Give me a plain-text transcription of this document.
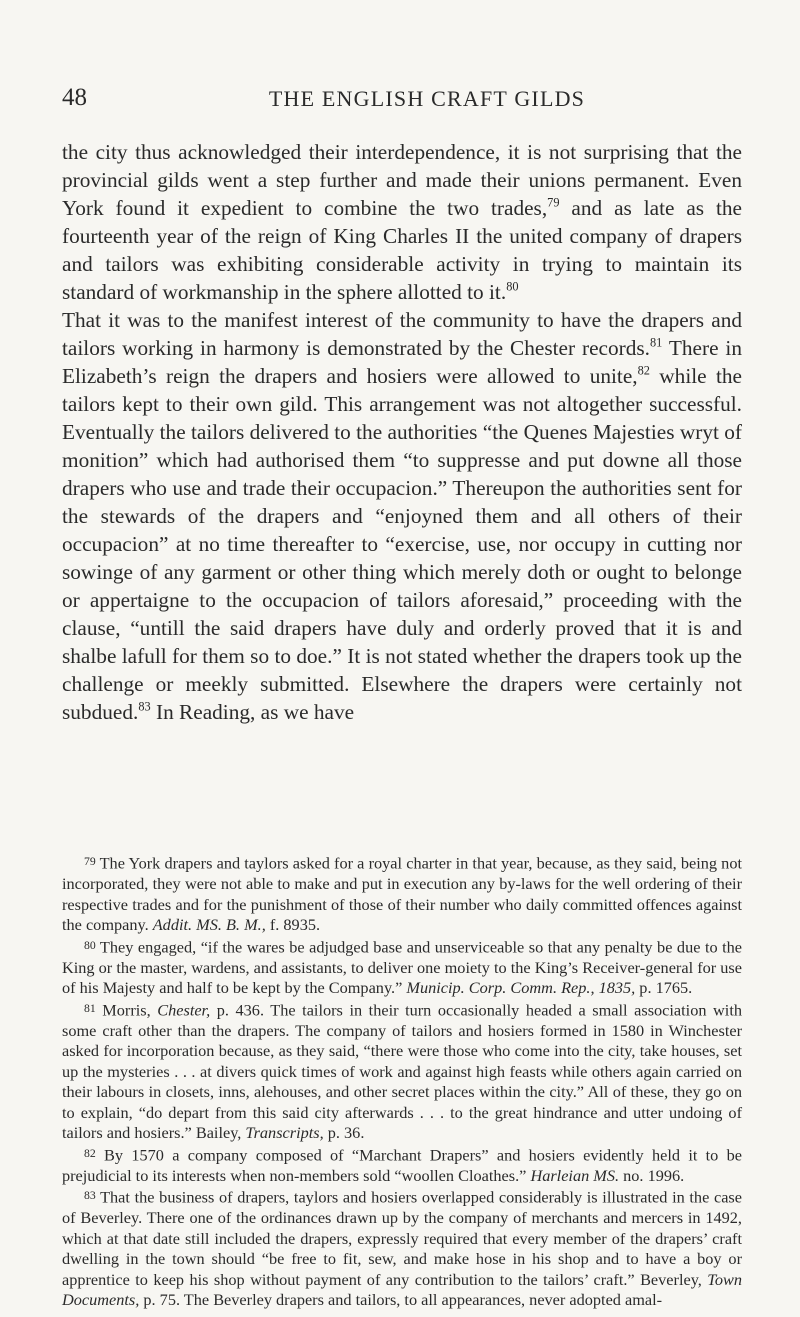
48	THE ENGLISH CRAFT GILDS

the city thus acknowledged their interdependence, it is not surprising that the provincial gilds went a step further and made their unions permanent. Even York found it expedient to combine the two trades,$^{79}$ and as late as the fourteenth year of the reign of King Charles II the united company of drapers and tailors was exhibiting considerable activity in trying to maintain its standard of workmanship in the sphere allotted to it.$^{80}$

That it was to the manifest interest of the community to have the drapers and tailors working in harmony is demonstrated by the Chester records.$^{81}$ There in Elizabeth’s reign the drapers and hosiers were allowed to unite,$^{82}$ while the tailors kept to their own gild. This arrangement was not altogether successful. Eventually the tailors delivered to the authorities “the Quenes Majesties wryt of monition” which had authorised them “to suppresse and put downe all those drapers who use and trade their occupacion.” Thereupon the authorities sent for the stewards of the drapers and “enjoyned them and all others of their occupacion” at no time thereafter to “exercise, use, nor occupy in cutting nor sowinge of any garment or other thing which merely doth or ought to belonge or appertaigne to the occupacion of tailors aforesaid,” proceeding with the clause, “untill the said drapers have duly and orderly proved that it is and shalbe lafull for them so to doe.” It is not stated whether the drapers took up the challenge or meekly submitted. Elsewhere the drapers were certainly not subdued.$^{83}$ In Reading, as we have

$^{79}$ The York drapers and taylors asked for a royal charter in that year, because, as they said, being not incorporated, they were not able to make and put in execution any by-laws for the well ordering of their respective trades and for the punishment of those of their number who daily committed offences against the company. Addit. MS. B. M., f. 8935.

$^{80}$ They engaged, “if the wares be adjudged base and unserviceable so that any penalty be due to the King or the master, wardens, and assistants, to deliver one moiety to the King’s Receiver-general for use of his Majesty and half to be kept by the Company.” Municip. Corp. Comm. Rep., 1835, p. 1765.

$^{81}$ Morris, Chester, p. 436. The tailors in their turn occasionally headed a small association with some craft other than the drapers. The company of tailors and hosiers formed in 1580 in Winchester asked for incorporation because, as they said, “there were those who come into the city, take houses, set up the mysteries . . . at divers quick times of work and against high feasts while others again carried on their labours in closets, inns, alehouses, and other secret places within the city.” All of these, they go on to explain, “do depart from this said city afterwards . . . to the great hindrance and utter undoing of tailors and hosiers.” Bailey, Transcripts, p. 36.

$^{82}$ By 1570 a company composed of “Marchant Drapers” and hosiers evidently held it to be prejudicial to its interests when non-members sold “woollen Cloathes.” Harleian MS. no. 1996.

$^{83}$ That the business of drapers, taylors and hosiers overlapped considerably is illustrated in the case of Beverley. There one of the ordinances drawn up by the company of merchants and mercers in 1492, which at that date still included the drapers, expressly required that every member of the drapers’ craft dwelling in the town should “be free to fit, sew, and make hose in his shop and to have a boy or apprentice to keep his shop without payment of any contribution to the tailors’ craft.” Beverley, Town Documents, p. 75. The Beverley drapers and tailors, to all appearances, never adopted amal-
